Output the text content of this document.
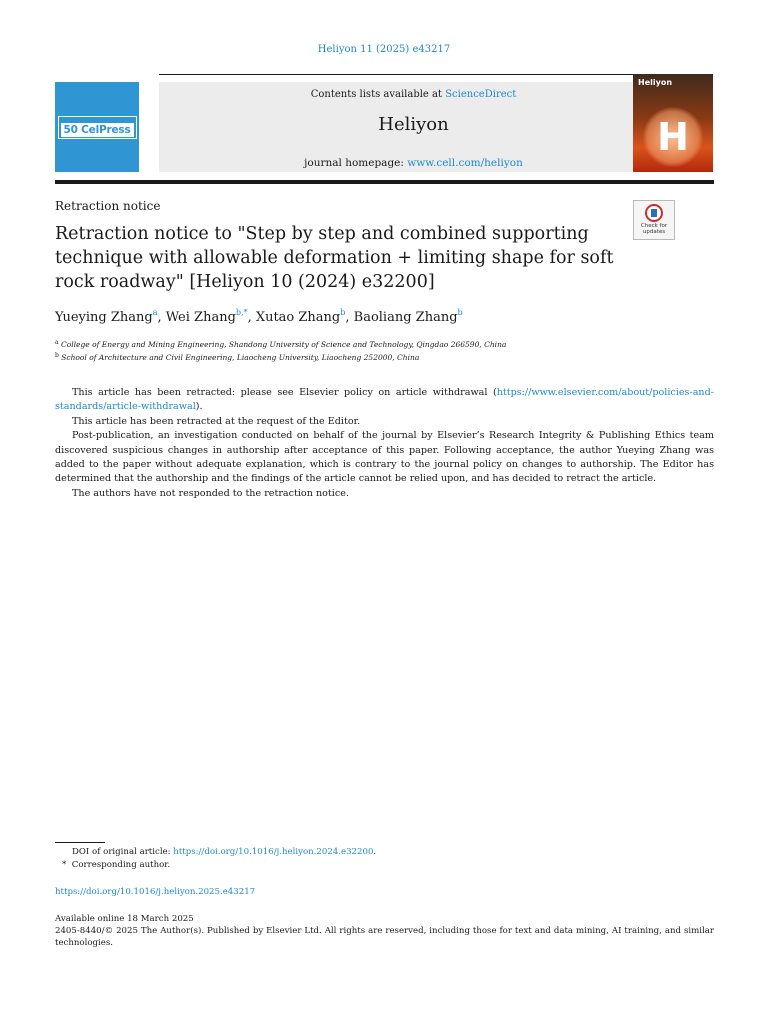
Heliyon 11 (2025) e43217
50 CelPress
Contents lists available at ScienceDirect
Heliyon
journal homepage: www.cell.com/heliyon
Heliyon
H
Retraction notice
Check for updates
Retraction notice to "Step by step and combined supporting technique with allowable deformation + limiting shape for soft rock roadway" [Heliyon 10 (2024) e32200]
Yueying Zhang$^a$, Wei Zhang$^{b,*}$, Xutao Zhang$^b$, Baoliang Zhang$^b$
$^a$ College of Energy and Mining Engineering, Shandong University of Science and Technology, Qingdao 266590, China
$^b$ School of Architecture and Civil Engineering, Liaocheng University, Liaocheng 252000, China

This article has been retracted: please see Elsevier policy on article withdrawal (https://www.elsevier.com/about/policies-and-standards/article-withdrawal).

This article has been retracted at the request of the Editor.

Post-publication, an investigation conducted on behalf of the journal by Elsevier’s Research Integrity & Publishing Ethics team discovered suspicious changes in authorship after acceptance of this paper. Following acceptance, the author Yueying Zhang was added to the paper without adequate explanation, which is contrary to the journal policy on changes to authorship. The Editor has determined that the authorship and the findings of the article cannot be relied upon, and has decided to retract the article.

The authors have not responded to the retraction notice.

DOI of original article: https://doi.org/10.1016/j.heliyon.2024.e32200.
* Corresponding author.
https://doi.org/10.1016/j.heliyon.2025.e43217
Available online 18 March 2025
2405-8440/© 2025 The Author(s). Published by Elsevier Ltd. All rights are reserved, including those for text and data mining, AI training, and similar technologies.
